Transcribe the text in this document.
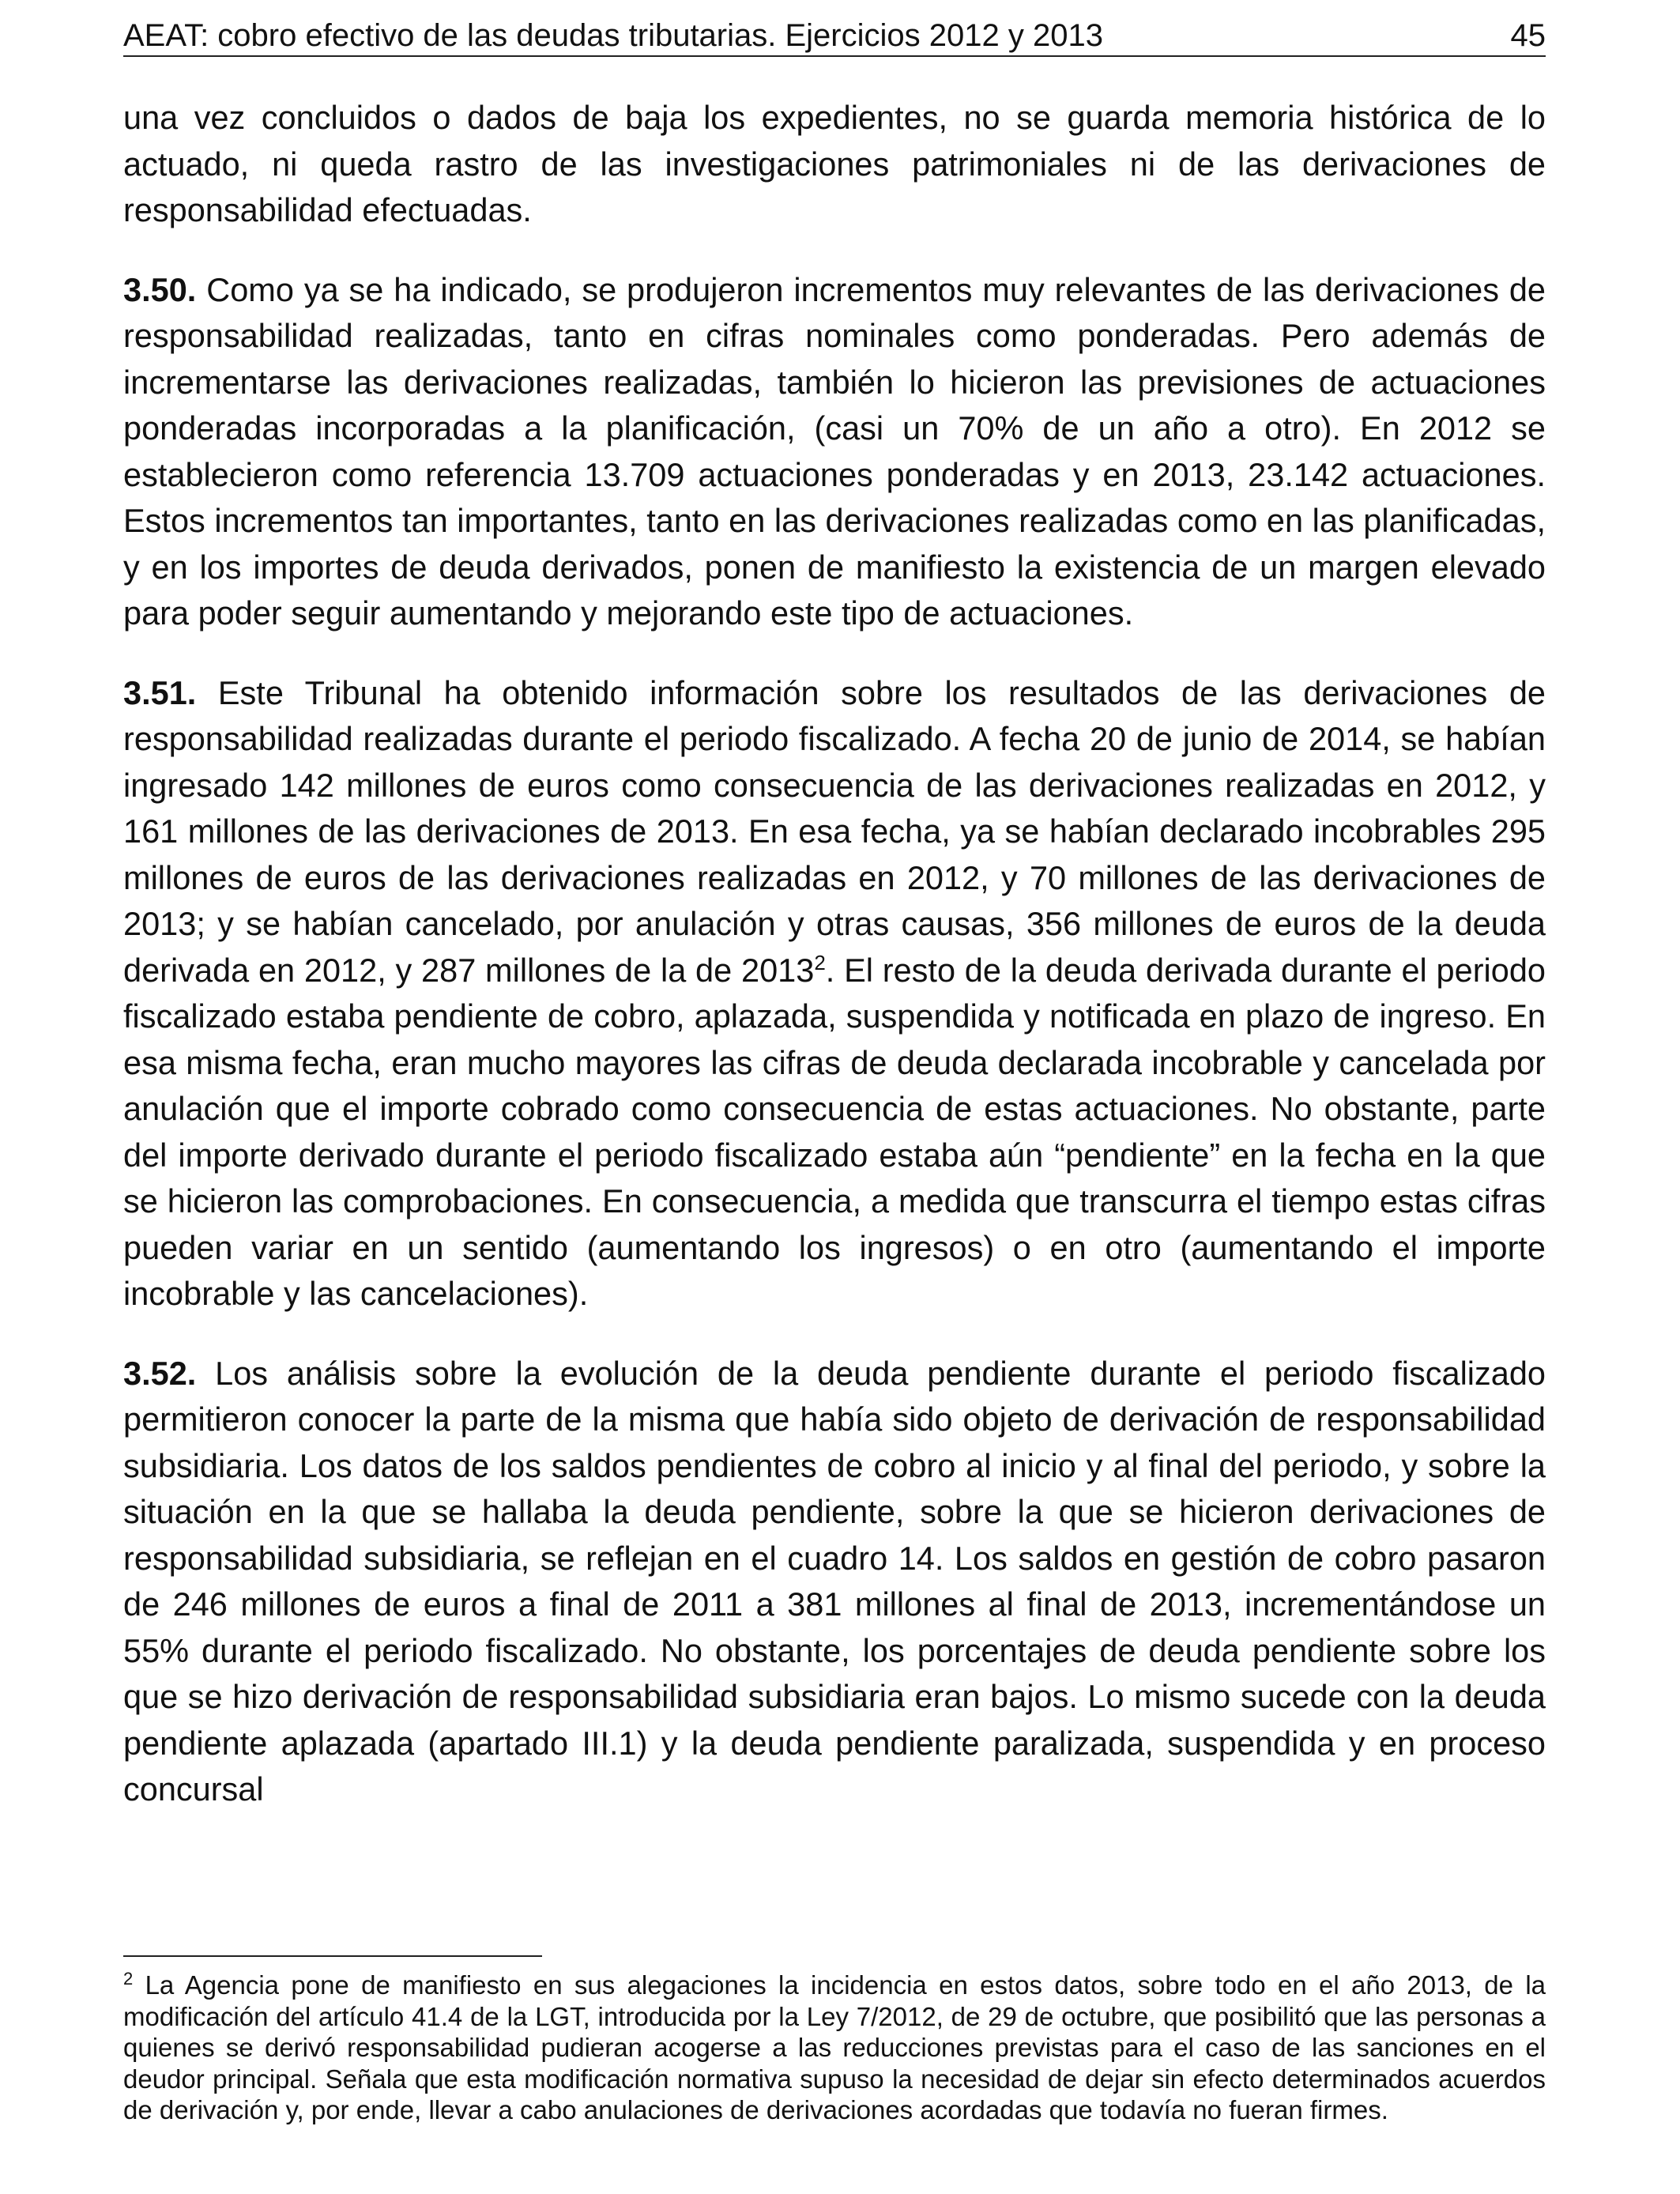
AEAT: cobro efectivo de las deudas tributarias. Ejercicios 2012 y 2013	45

una vez concluidos o dados de baja los expedientes, no se guarda memoria histórica de lo actuado, ni queda rastro de las investigaciones patrimoniales ni de las derivaciones de responsabilidad efectuadas.

3.50. Como ya se ha indicado, se produjeron incrementos muy relevantes de las derivaciones de responsabilidad realizadas, tanto en cifras nominales como ponderadas. Pero además de incrementarse las derivaciones realizadas, también lo hicieron las previsiones de actuaciones ponderadas incorporadas a la planificación, (casi un 70% de un año a otro). En 2012 se establecieron como referencia 13.709 actuaciones ponderadas y en 2013, 23.142 actuaciones. Estos incrementos tan importantes, tanto en las derivaciones realizadas como en las planificadas, y en los importes de deuda derivados, ponen de manifiesto la existencia de un margen elevado para poder seguir aumentando y mejorando este tipo de actuaciones.

3.51. Este Tribunal ha obtenido información sobre los resultados de las derivaciones de responsabilidad realizadas durante el periodo fiscalizado. A fecha 20 de junio de 2014, se habían ingresado 142 millones de euros como consecuencia de las derivaciones realizadas en 2012, y 161 millones de las derivaciones de 2013. En esa fecha, ya se habían declarado incobrables 295 millones de euros de las derivaciones realizadas en 2012, y 70 millones de las derivaciones de 2013; y se habían cancelado, por anulación y otras causas, 356 millones de euros de la deuda derivada en 2012, y 287 millones de la de 2013$^2$. El resto de la deuda derivada durante el periodo fiscalizado estaba pendiente de cobro, aplazada, suspendida y notificada en plazo de ingreso. En esa misma fecha, eran mucho mayores las cifras de deuda declarada incobrable y cancelada por anulación que el importe cobrado como consecuencia de estas actuaciones. No obstante, parte del importe derivado durante el periodo fiscalizado estaba aún “pendiente” en la fecha en la que se hicieron las comprobaciones. En consecuencia, a medida que transcurra el tiempo estas cifras pueden variar en un sentido (aumentando los ingresos) o en otro (aumentando el importe incobrable y las cancelaciones).

3.52. Los análisis sobre la evolución de la deuda pendiente durante el periodo fiscalizado permitieron conocer la parte de la misma que había sido objeto de derivación de responsabilidad subsidiaria. Los datos de los saldos pendientes de cobro al inicio y al final del periodo, y sobre la situación en la que se hallaba la deuda pendiente, sobre la que se hicieron derivaciones de responsabilidad subsidiaria, se reflejan en el cuadro 14. Los saldos en gestión de cobro pasaron de 246 millones de euros a final de 2011 a 381 millones al final de 2013, incrementándose un 55% durante el periodo fiscalizado. No obstante, los porcentajes de deuda pendiente sobre los que se hizo derivación de responsabilidad subsidiaria eran bajos. Lo mismo sucede con la deuda pendiente aplazada (apartado III.1) y la deuda pendiente paralizada, suspendida y en proceso concursal

$^2$ La Agencia pone de manifiesto en sus alegaciones la incidencia en estos datos, sobre todo en el año 2013, de la modificación del artículo 41.4 de la LGT, introducida por la Ley 7/2012, de 29 de octubre, que posibilitó que las personas a quienes se derivó responsabilidad pudieran acogerse a las reducciones previstas para el caso de las sanciones en el deudor principal. Señala que esta modificación normativa supuso la necesidad de dejar sin efecto determinados acuerdos de derivación y, por ende, llevar a cabo anulaciones de derivaciones acordadas que todavía no fueran firmes.
